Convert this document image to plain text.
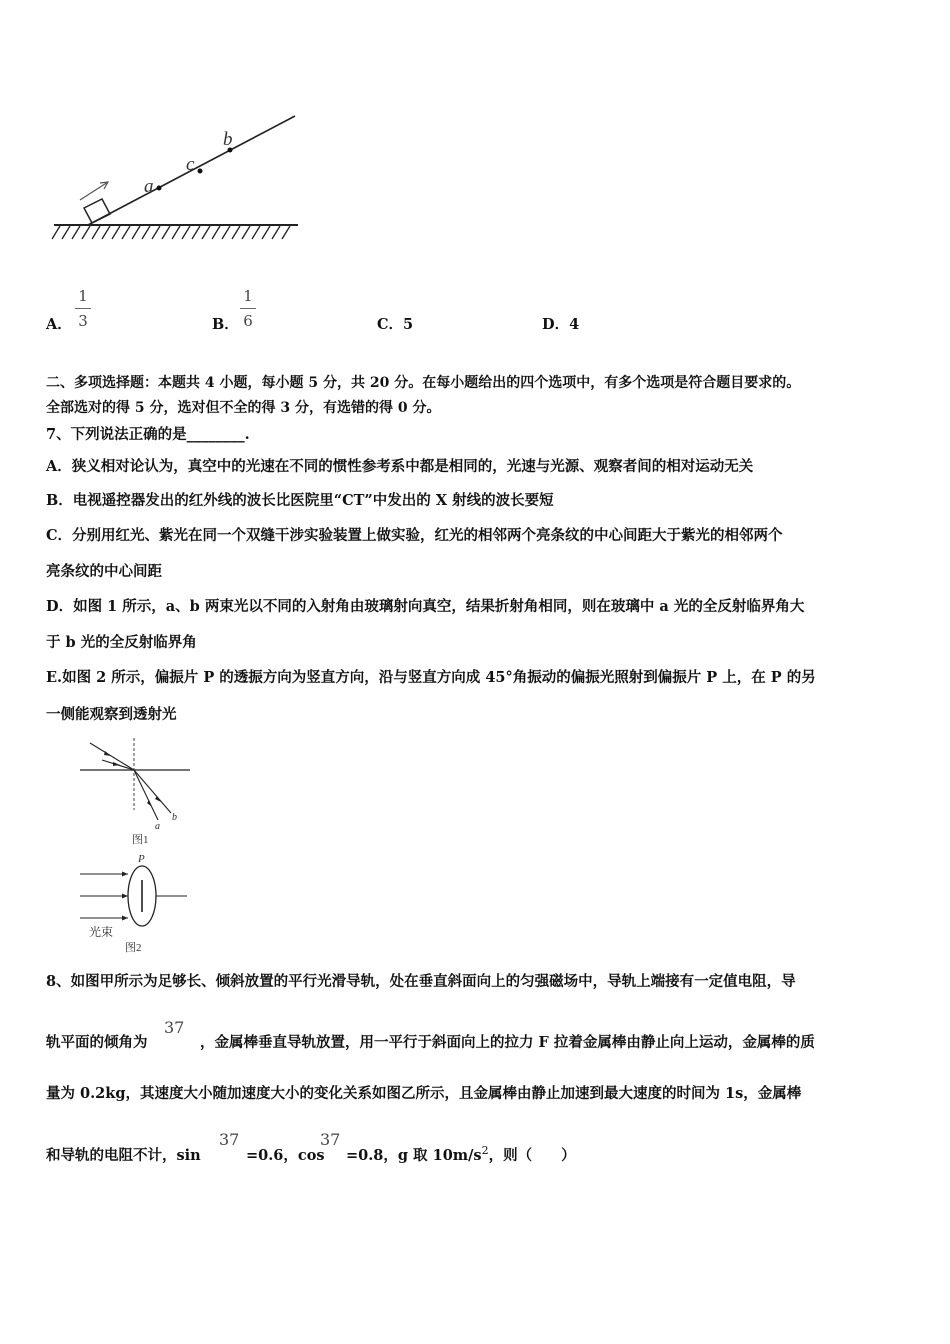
a
c
b
A．
1
3	B．
1
6	C．5	D．4
二、多项选择题：本题共 4 小题，每小题 5 分，共 20 分。在每小题给出的四个选项中，有多个选项是符合题目要求的。
全部选对的得 5 分，选对但不全的得 3 分，有选错的得 0 分。
7、下列说法正确的是________.
A．狭义相对论认为，真空中的光速在不同的惯性参考系中都是相同的，光速与光源、观察者间的相对运动无关
B．电视遥控器发出的红外线的波长比医院里“CT”中发出的 X 射线的波长要短
C．分别用红光、紫光在同一个双缝干涉实验装置上做实验，红光的相邻两个亮条纹的中心间距大于紫光的相邻两个
亮条纹的中心间距
D．如图 1 所示，a、b 两束光以不同的入射角由玻璃射向真空，结果折射角相同，则在玻璃中 a 光的全反射临界角大
于 b 光的全反射临界角
E.如图 2 所示，偏振片 P 的透振方向为竖直方向，沿与竖直方向成 45°角振动的偏振光照射到偏振片 P 上，在 P 的另
一侧能观察到透射光
a
b
图1
P
光束
图2
8、如图甲所示为足够长、倾斜放置的平行光滑导轨，处在垂直斜面向上的匀强磁场中，导轨上端接有一定值电阻，导
轨平面的倾角为
37
，金属棒垂直导轨放置，用一平行于斜面向上的拉力 F 拉着金属棒由静止向上运动，金属棒的质
量为 0.2kg，其速度大小随加速度大小的变化关系如图乙所示，且金属棒由静止加速到最大速度的时间为 1s，金属棒
和导轨的电阻不计，sin
37
=0.6，cos
37
=0.8，g 取 $10m/s^2$，则（　　）
